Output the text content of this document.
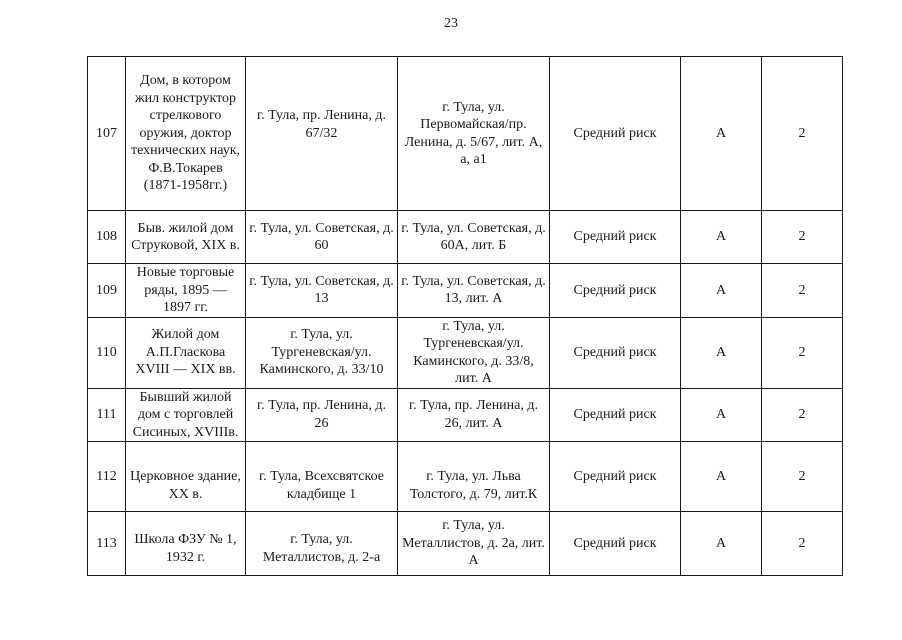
23
107	Дом, в котором жил конструктор стрелкового оружия, доктор технических наук, Ф.В.Токарев (1871-1958гг.)	г. Тула, пр. Ленина, д. 67/32	г. Тула, ул. Первомайская/пр. Ленина, д. 5/67, лит. А, а, а1	Средний риск	А	2
108	Быв. жилой дом Струковой, XIX в.	г. Тула, ул. Советская, д. 60	г. Тула, ул. Советская, д. 60А, лит. Б	Средний риск	А	2
109	Новые торговые ряды, 1895 — 1897 гг.	г. Тула, ул. Советская, д. 13	г. Тула, ул. Советская, д. 13, лит. А	Средний риск	А	2
110	Жилой дом А.П.Гласкова XVIII — XIX вв.	г. Тула, ул. Тургеневская/ул. Каминского, д. 33/10	г. Тула, ул. Тургеневская/ул. Каминского, д. 33/8, лит. А	Средний риск	А	2
111	Бывший жилой дом с торговлей Сисиных, XVIIIв.	г. Тула, пр. Ленина, д. 26	г. Тула, пр. Ленина, д. 26, лит. А	Средний риск	А	2
112	Церковное здание, XX в.	г. Тула, Всехсвятское кладбище 1	г. Тула, ул. Льва Толстого, д. 79, лит.К	Средний риск	А	2
113	Школа ФЗУ № 1, 1932 г.	г. Тула, ул. Металлистов, д. 2-а	г. Тула, ул. Металлистов, д. 2а, лит. А	Средний риск	А	2
